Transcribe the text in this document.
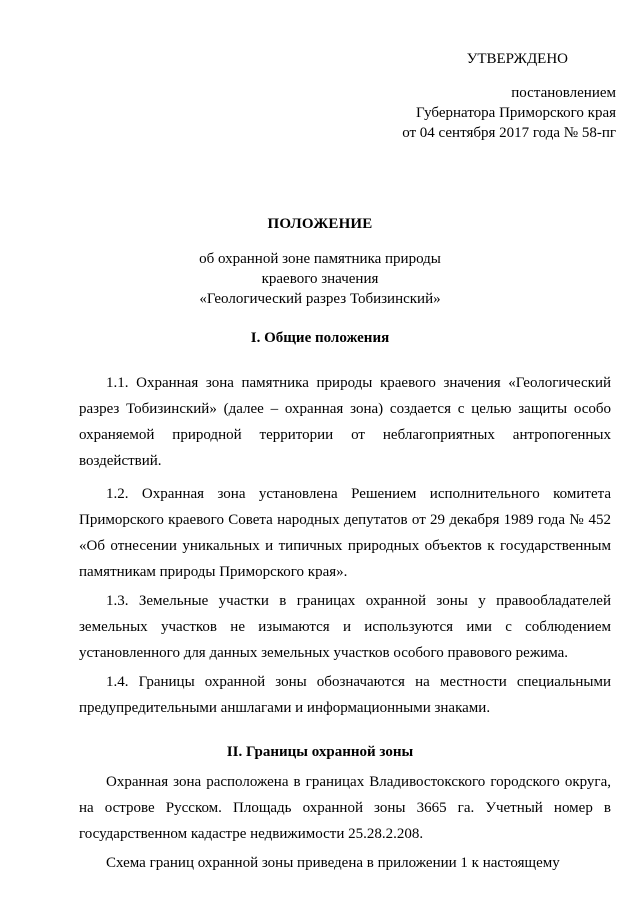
УТВЕРЖДЕНО
постановлением
Губернатора Приморского края
от 04 сентября 2017 года № 58-пг
ПОЛОЖЕНИЕ
об охранной зоне памятника природы
краевого значения
«Геологический разрез Тобизинский»
I. Общие положения
1.1. Охранная зона памятника природы краевого значения «Геологический разрез Тобизинский» (далее – охранная зона) создается с целью защиты особо охраняемой природной территории от неблагоприятных антропогенных воздействий.
1.2. Охранная зона установлена Решением исполнительного комитета Приморского краевого Совета народных депутатов от 29 декабря 1989 года № 452 «Об отнесении уникальных и типичных природных объектов к государственным памятникам природы Приморского края».
1.3. Земельные участки в границах охранной зоны у правообладателей земельных участков не изымаются и используются ими с соблюдением установленного для данных земельных участков особого правового режима.
1.4. Границы охранной зоны обозначаются на местности специальными предупредительными аншлагами и информационными знаками.
II. Границы охранной зоны
Охранная зона расположена в границах Владивостокского городского округа, на острове Русском. Площадь охранной зоны 3665 га. Учетный номер в государственном кадастре недвижимости 25.28.2.208.
Схема границ охранной зоны приведена в приложении 1 к настоящему
